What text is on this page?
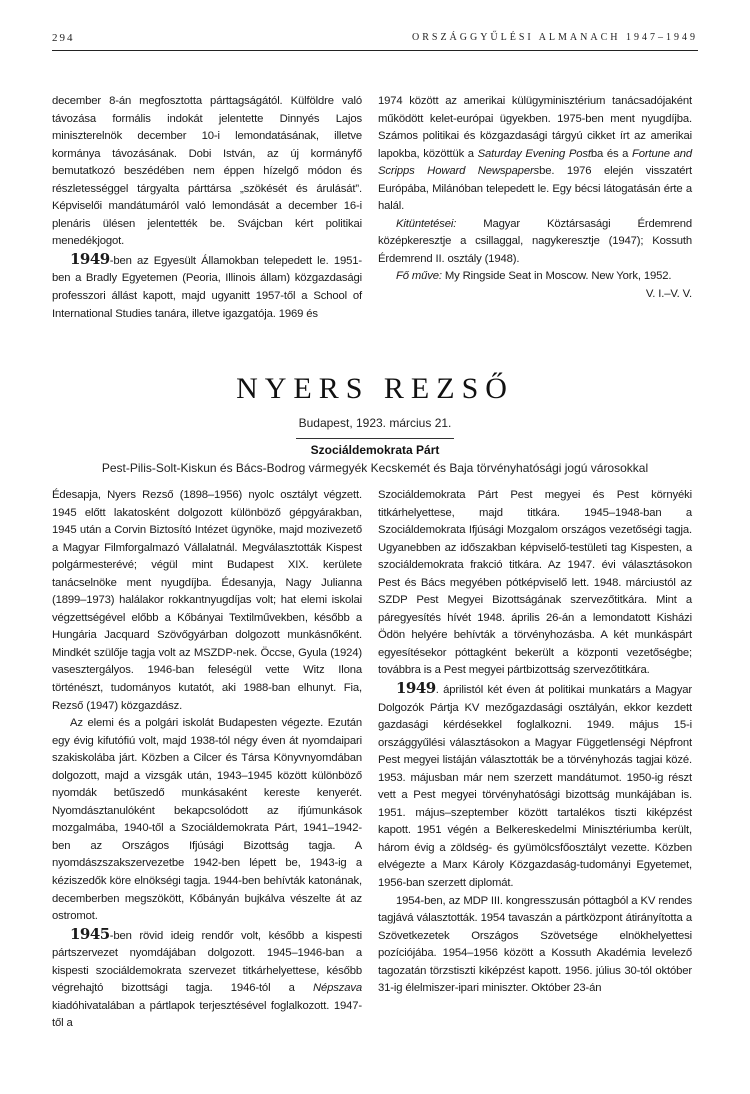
294	ORSZÁGGYŰLÉSI ALMANACH 1947–1949

december 8-án megfosztotta párttagságától. Külföldre való távozása formális indokát jelentette Dinnyés Lajos miniszterelnök december 10-i lemondatásának, illetve kormánya távozásának. Dobi István, az új kormányfő bemutatkozó beszédében nem éppen hízelgő módon és részletességgel tárgyalta párttársa „szökését és árulását”. Képviselői mandátumáról való lemondását a december 16-i plenáris ülésen jelentették be. Svájcban kért politikai menedékjogot.

1949-ben az Egyesült Államokban telepedett le. 1951-ben a Bradly Egyetemen (Peoria, Illinois állam) közgazdasági professzori állást kapott, majd ugyanitt 1957-től a School of International Studies tanára, illetve igazgatója. 1969 és

1974 között az amerikai külügyminisztérium tanácsadójaként működött kelet-európai ügyekben. 1975-ben ment nyugdíjba. Számos politikai és közgazdasági tárgyú cikket írt az amerikai lapokba, közöttük a Saturday Evening Postba és a Fortune and Scripps Howard Newspapersbe. 1976 elején visszatért Európába, Milánóban telepedett le. Egy bécsi látogatásán érte a halál.

Kitüntetései: Magyar Köztársasági Érdemrend középkeresztje a csillaggal, nagykeresztje (1947); Kossuth Érdemrend II. osztály (1948).

Fő műve: My Ringside Seat in Moscow. New York, 1952.

V. I.–V. V.

NYERS REZSŐ
Budapest, 1923. március 21.
Szociáldemokrata Párt
Pest-Pilis-Solt-Kiskun és Bács-Bodrog vármegyék Kecskemét és Baja törvényhatósági jogú városokkal

Édesapja, Nyers Rezső (1898–1956) nyolc osztályt végzett. 1945 előtt lakatosként dolgozott különböző gépgyárakban, 1945 után a Corvin Biztosító Intézet ügynöke, majd mozivezető a Magyar Filmforgalmazó Vállalatnál. Megválasztották Kispest polgármesterévé; végül mint Budapest XIX. kerülete tanácselnöke ment nyugdíjba. Édesanyja, Nagy Julianna (1899–1973) halálakor rokkantnyugdíjas volt; hat elemi iskolai végzettségével előbb a Kőbányai Textilművekben, később a Hungária Jacquard Szövőgyárban dolgozott munkásnőként. Mindkét szülője tagja volt az MSZDP-nek. Öccse, Gyula (1924) vasesztergályos. 1946-ban feleségül vette Witz Ilona történészt, tudományos kutatót, aki 1988-ban elhunyt. Fia, Rezső (1947) közgazdász.

Az elemi és a polgári iskolát Budapesten végezte. Ezután egy évig kifutófiú volt, majd 1938-tól négy éven át nyomdaipari szakiskolába járt. Közben a Cilcer és Társa Könyvnyomdában dolgozott, majd a vizsgák után, 1943–1945 között különböző nyomdák betűszedő munkásaként kereste kenyerét. Nyomdásztanulóként bekapcsolódott az ifjúmunkások mozgalmába, 1940-től a Szociáldemokrata Párt, 1941–1942-ben az Országos Ifjúsági Bizottság tagja. A nyomdászszakszervezetbe 1942-ben lépett be, 1943-ig a kéziszedők köre elnökségi tagja. 1944-ben behívták katonának, decemberben megszökött, Kőbányán bujkálva vészelte át az ostromot.

1945-ben rövid ideig rendőr volt, később a kispesti pártszervezet nyomdájában dolgozott. 1945–1946-ban a kispesti szociáldemokrata szervezet titkárhelyettese, később végrehajtó bizottsági tagja. 1946-tól a Népszava kiadóhivatalában a pártlapok terjesztésével foglalkozott. 1947-től a

Szociáldemokrata Párt Pest megyei és Pest környéki titkárhelyettese, majd titkára. 1945–1948-ban a Szociáldemokrata Ifjúsági Mozgalom országos vezetőségi tagja. Ugyanebben az időszakban képviselő-testületi tag Kispesten, a szociáldemokrata frakció titkára. Az 1947. évi választásokon Pest és Bács megyében pótképviselő lett. 1948. márciustól az SZDP Pest Megyei Bizottságának szervezőtitkára. Mint a páregyesítés hívét 1948. április 26-án a lemondatott Kisházi Ödön helyére behívták a törvényhozásba. A két munkáspárt egyesítésekor póttagként bekerült a központi vezetőségbe; továbbra is a Pest megyei pártbizottság szervezőtitkára.

1949. áprilistól két éven át politikai munkatárs a Magyar Dolgozók Pártja KV mezőgazdasági osztályán, ekkor kezdett gazdasági kérdésekkel foglalkozni. 1949. május 15-i országgyűlési választásokon a Magyar Függetlenségi Népfront Pest megyei listáján választották be a törvényhozás tagjai közé. 1953. májusban már nem szerzett mandátumot. 1950-ig részt vett a Pest megyei törvényhatósági bizottság munkájában is. 1951. május–szeptember között tartalékos tiszti kiképzést kapott. 1951 végén a Belkereskedelmi Minisztériumba került, három évig a zöldség- és gyümölcsfőosztályt vezette. Közben elvégezte a Marx Károly Közgazdaság-tudományi Egyetemet, 1956-ban szerzett diplomát.

1954-ben, az MDP III. kongresszusán póttagból a KV rendes tagjává választották. 1954 tavaszán a pártközpont átirányította a Szövetkezetek Országos Szövetsége elnökhelyettesi pozíciójába. 1954–1956 között a Kossuth Akadémia levelező tagozatán törzstiszti kiképzést kapott. 1956. július 30-tól október 31-ig élelmiszer-ipari miniszter. Október 23-án
